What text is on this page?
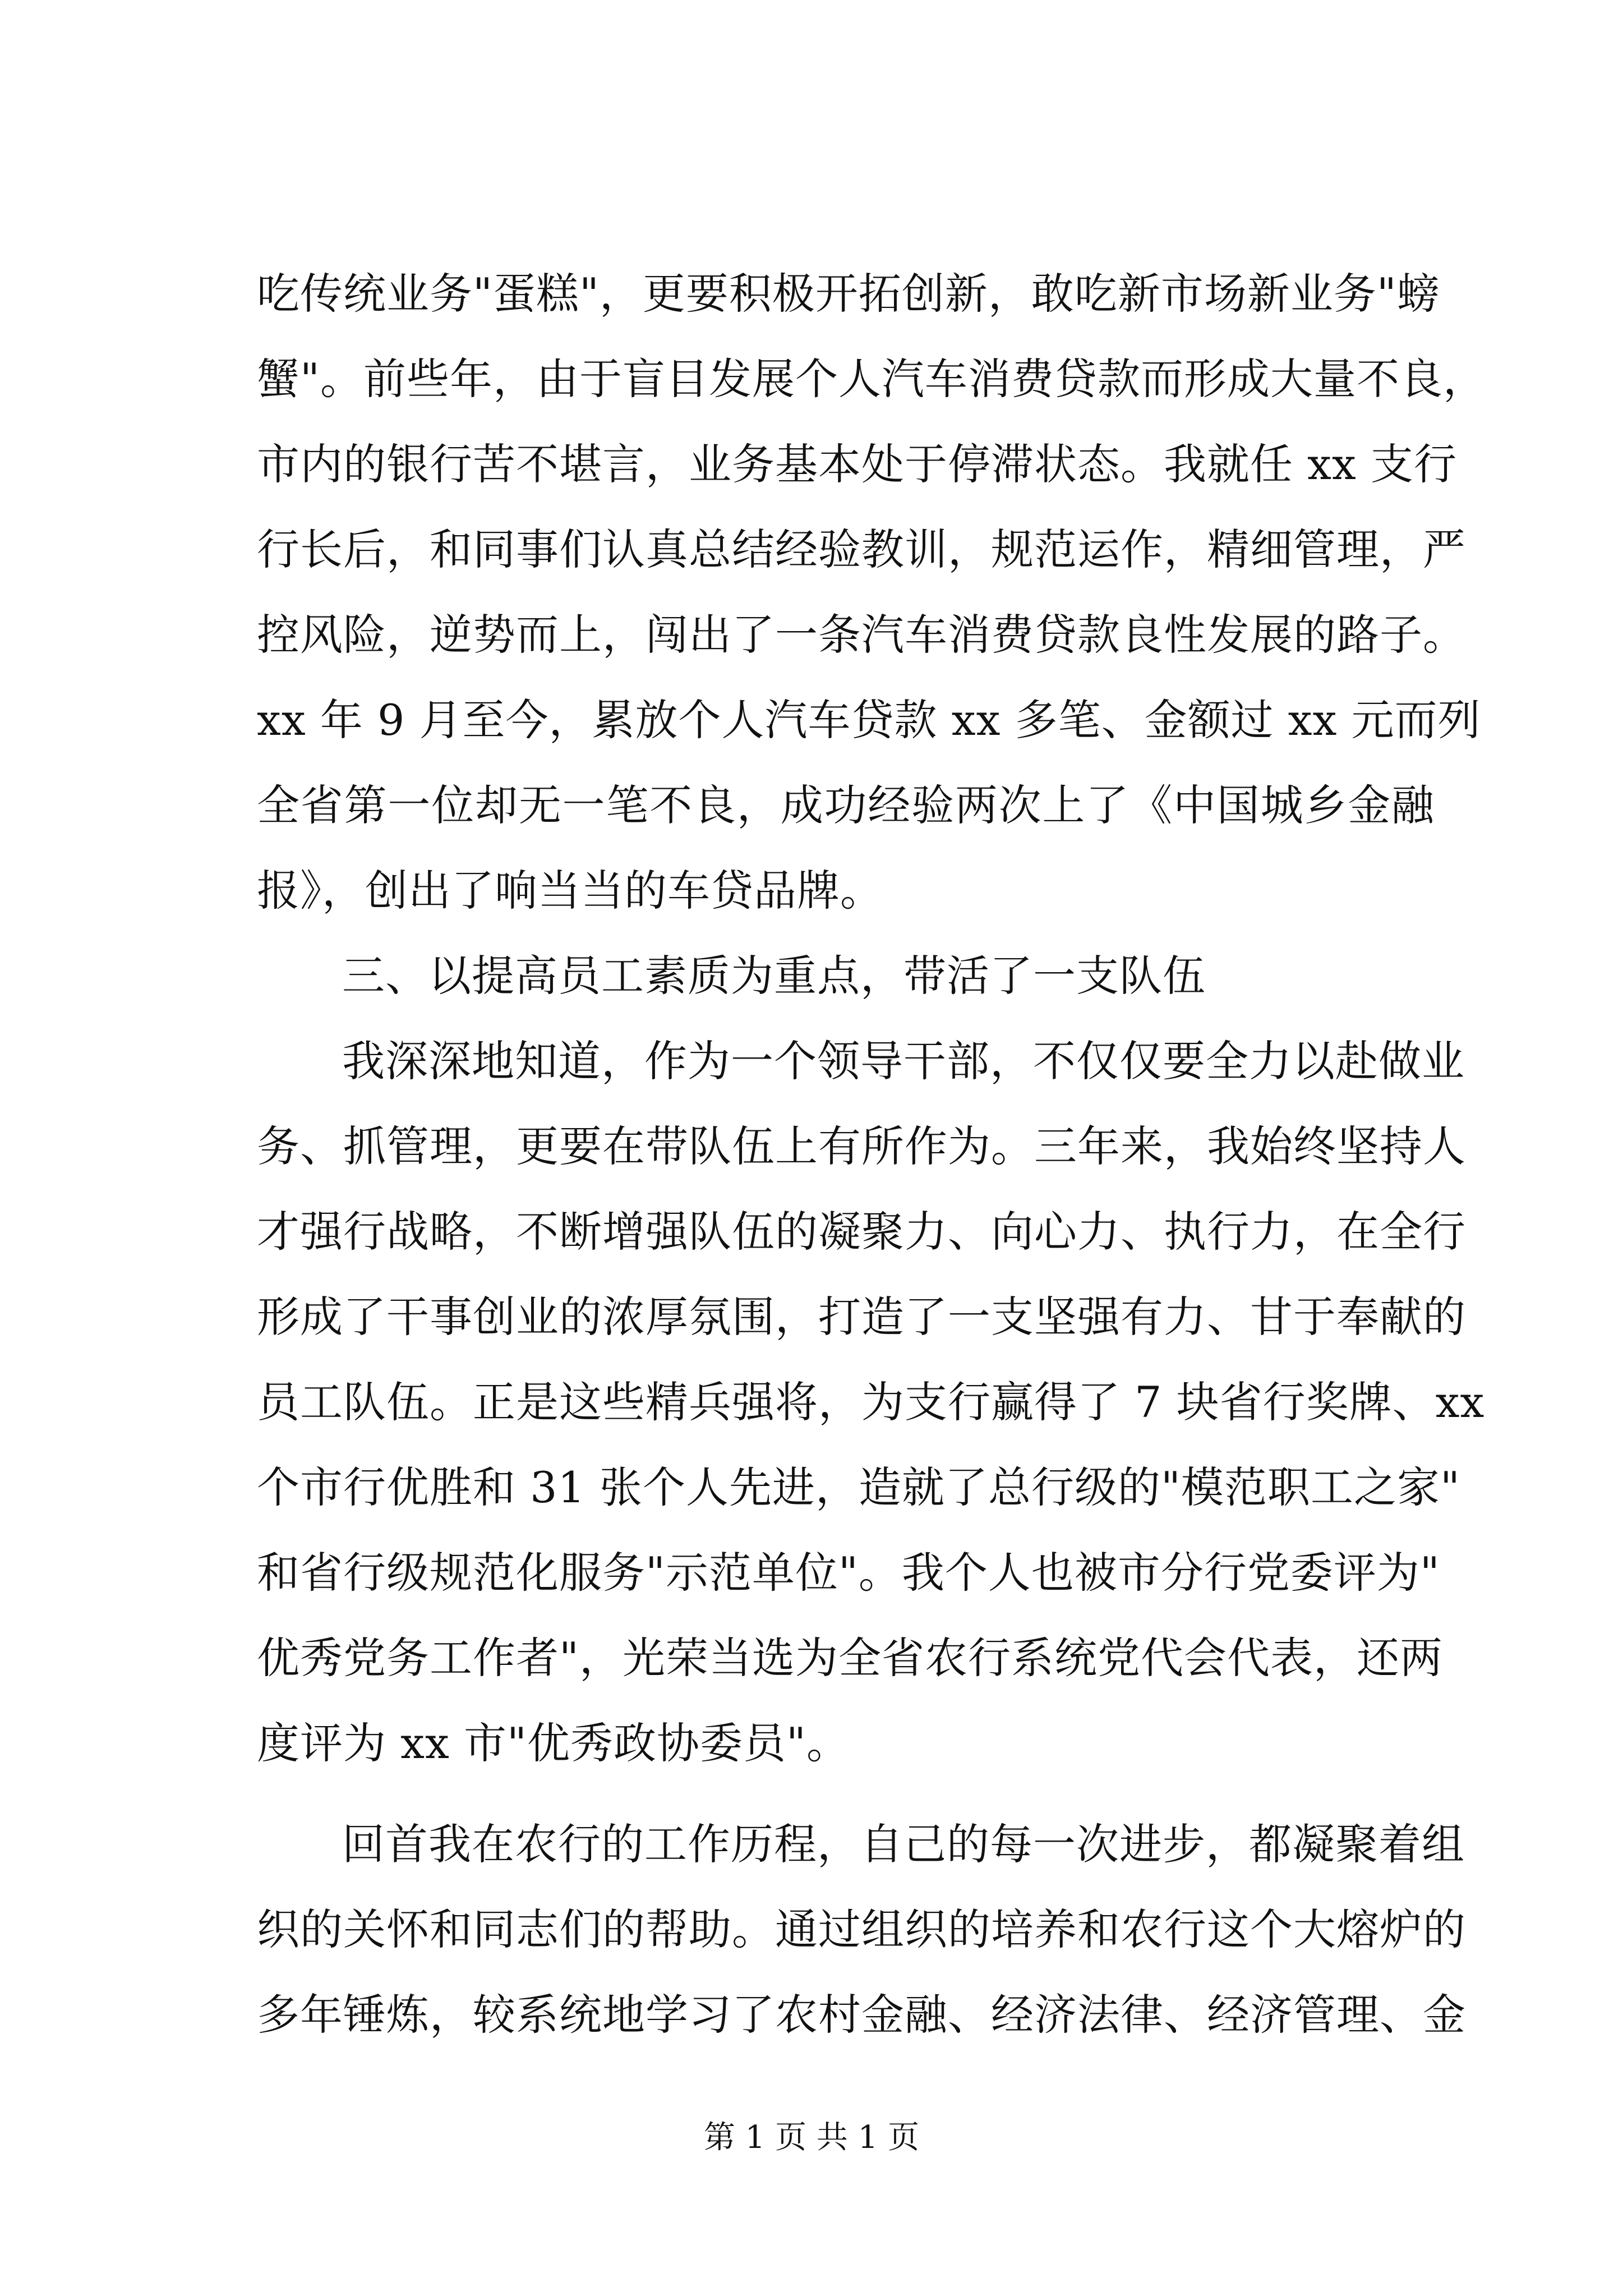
吃传统业务"蛋糕"，更要积极开拓创新，敢吃新市场新业务"螃
蟹"。前些年，由于盲目发展个人汽车消费贷款而形成大量不良，
市内的银行苦不堪言，业务基本处于停滞状态。我就任 xx 支行
行长后，和同事们认真总结经验教训，规范运作，精细管理，严
控风险，逆势而上，闯出了一条汽车消费贷款良性发展的路子。
xx 年 9 月至今，累放个人汽车贷款 xx 多笔、金额过 xx 元而列
全省第一位却无一笔不良，成功经验两次上了《中国城乡金融
报》，创出了响当当的车贷品牌。
三、以提高员工素质为重点，带活了一支队伍
我深深地知道，作为一个领导干部，不仅仅要全力以赴做业
务、抓管理，更要在带队伍上有所作为。三年来，我始终坚持人
才强行战略，不断增强队伍的凝聚力、向心力、执行力，在全行
形成了干事创业的浓厚氛围，打造了一支坚强有力、甘于奉献的
员工队伍。正是这些精兵强将，为支行赢得了 7 块省行奖牌、xx
个市行优胜和 31 张个人先进，造就了总行级的"模范职工之家"
和省行级规范化服务"示范单位"。我个人也被市分行党委评为"
优秀党务工作者"，光荣当选为全省农行系统党代会代表，还两
度评为 xx 市"优秀政协委员"。
回首我在农行的工作历程，自己的每一次进步，都凝聚着组
织的关怀和同志们的帮助。通过组织的培养和农行这个大熔炉的
多年锤炼，较系统地学习了农村金融、经济法律、经济管理、金
第 1 页 共 1 页
